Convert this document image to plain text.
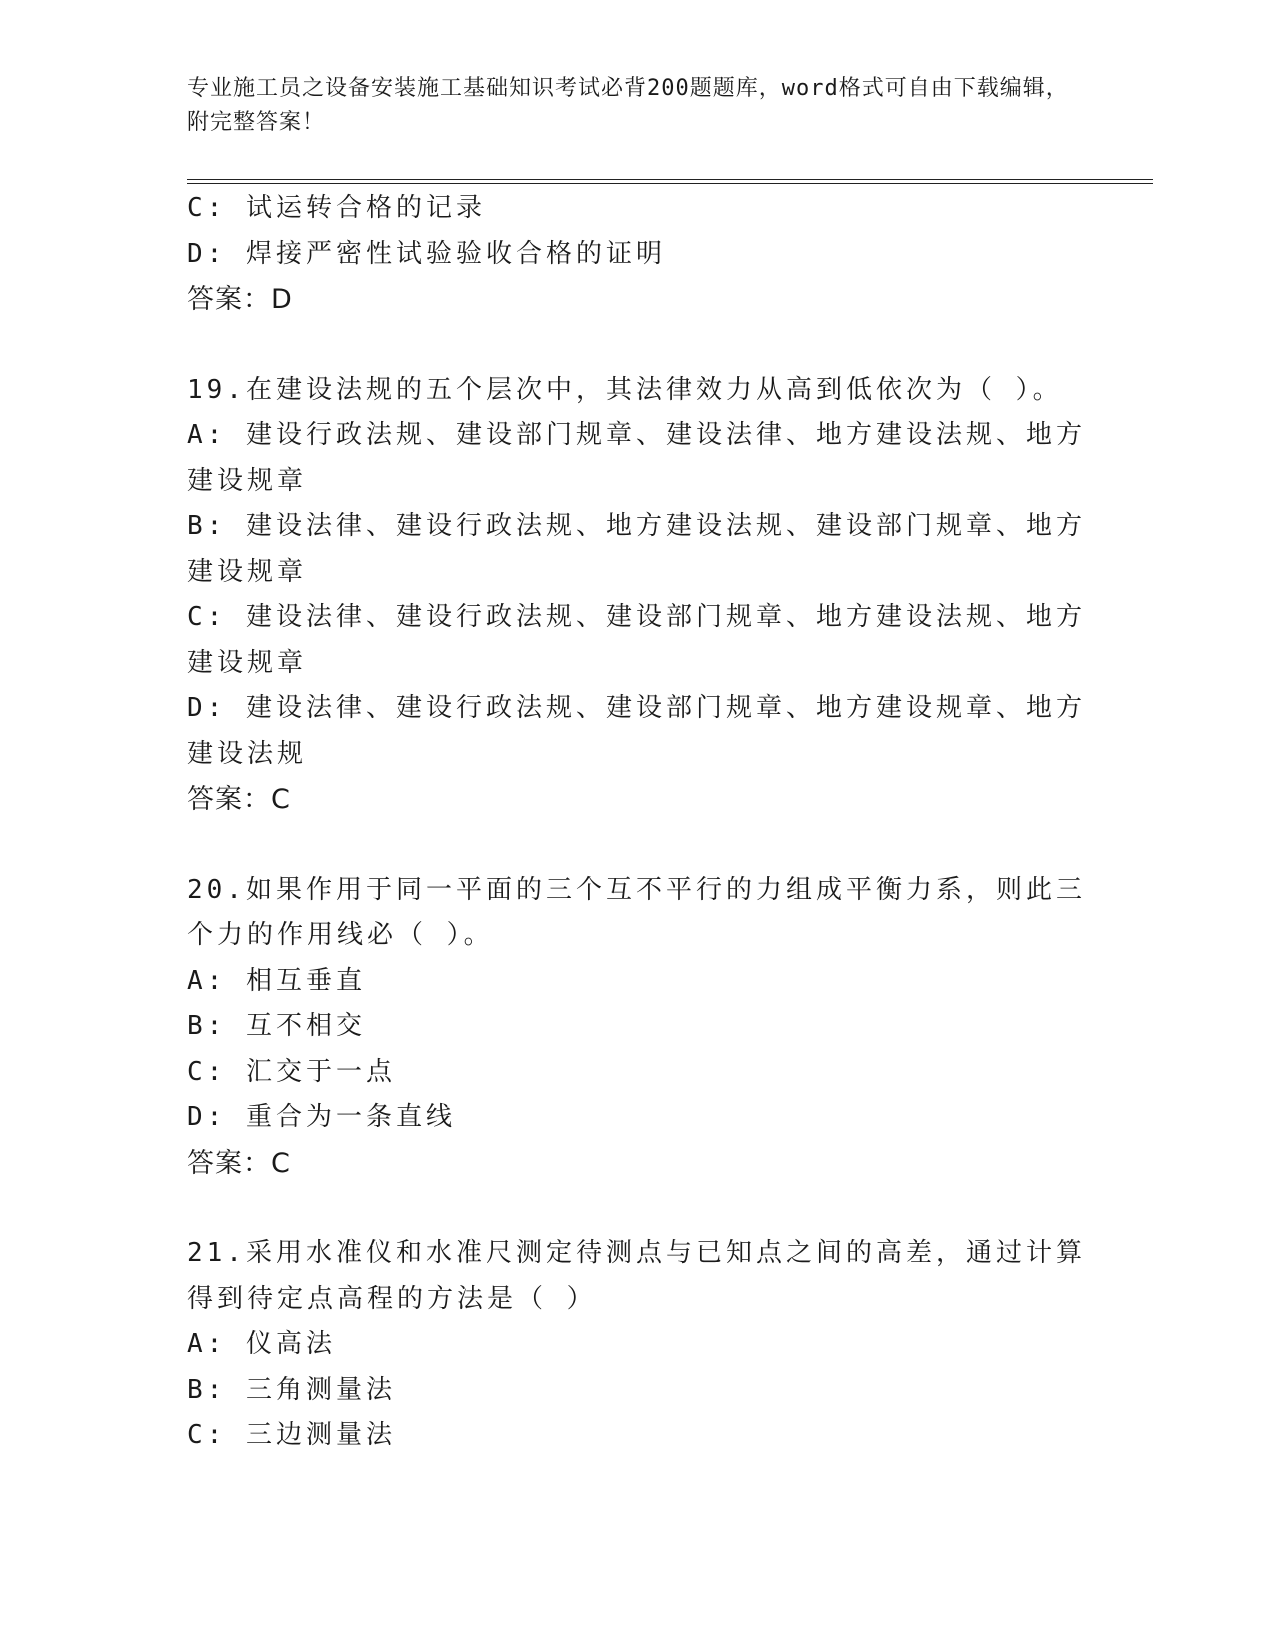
专业施工员之设备安装施工基础知识考试必背200题题库，word格式可自由下载编辑，附完整答案！
C: 试运转合格的记录
D: 焊接严密性试验验收合格的证明
答案：D
19.在建设法规的五个层次中，其法律效力从高到低依次为（ ）。
A: 建设行政法规、建设部门规章、建设法律、地方建设法规、地方建设规章
B: 建设法律、建设行政法规、地方建设法规、建设部门规章、地方建设规章
C: 建设法律、建设行政法规、建设部门规章、地方建设法规、地方建设规章
D: 建设法律、建设行政法规、建设部门规章、地方建设规章、地方建设法规
答案：C
20.如果作用于同一平面的三个互不平行的力组成平衡力系，则此三个力的作用线必（ ）。
A: 相互垂直
B: 互不相交
C: 汇交于一点
D: 重合为一条直线
答案：C
21.采用水准仪和水准尺测定待测点与已知点之间的高差，通过计算得到待定点高程的方法是（ ）
A: 仪高法
B: 三角测量法
C: 三边测量法
